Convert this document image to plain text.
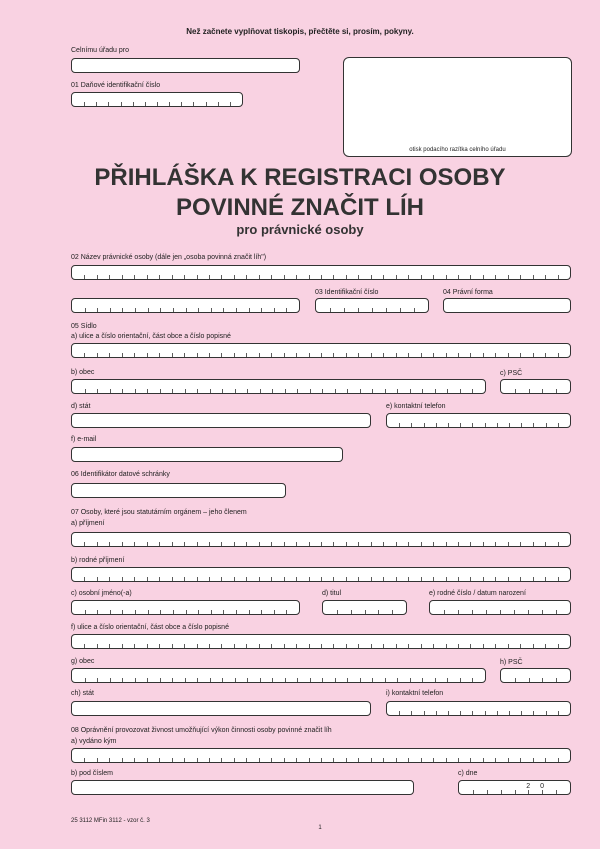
Než začnete vyplňovat tiskopis, přečtěte si, prosím, pokyny.
Celnímu úřadu pro
01 Daňové identifikační číslo
otisk podacího razítka celního úřadu
PŘIHLÁŠKA K REGISTRACI OSOBY
POVINNÉ ZNAČIT LÍH
pro právnické osoby
02 Název právnické osoby (dále jen „osoba povinná značit líh")
03 Identifikační číslo	04 Právní forma
05 Sídlo
a) ulice a číslo orientační, část obce a číslo popisné
b) obec	c) PSČ
d) stát	e) kontaktní telefon
f) e-mail
06 Identifikátor datové schránky
07 Osoby, které jsou statutárním orgánem – jeho členem
a) příjmení
b) rodné příjmení
c) osobní jméno(-a)	d) titul	e) rodné číslo / datum narození
f) ulice a číslo orientační, část obce a číslo popisné
g) obec	h) PSČ
ch) stát	i) kontaktní telefon
08 Oprávnění provozovat živnost umožňující výkon činnosti osoby povinné značit líh
a) vydáno kým
b) pod číslem	c) dne
2 0
25 3112 MFin 3112 - vzor č. 3
1
